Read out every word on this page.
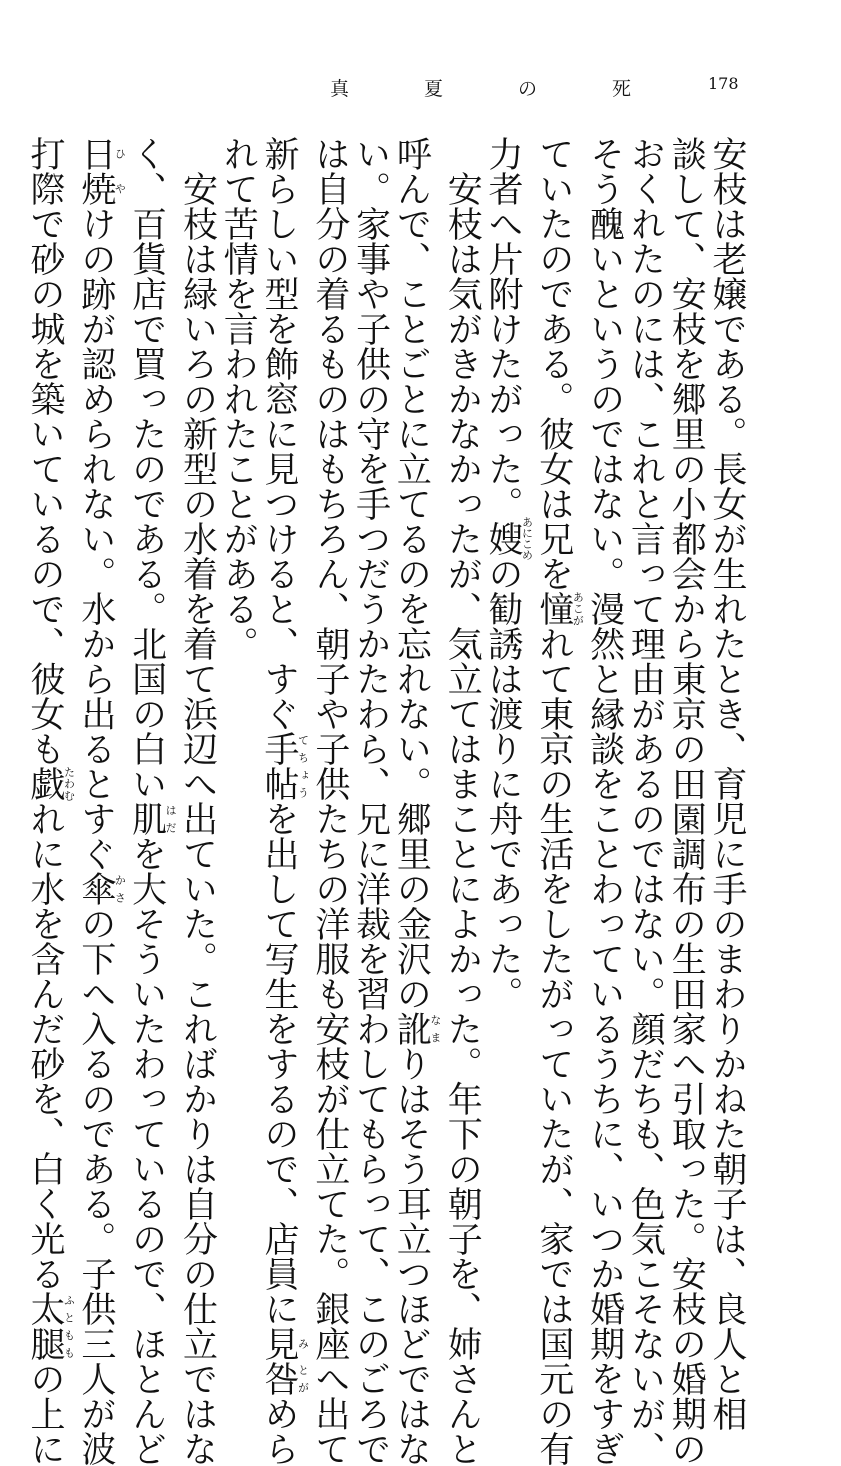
真　夏　の　死	178

安枝は老嬢である。長女が生れたとき、育児に手のまわりかねた朝子は、良人と相

談して、安枝を郷里の小都会から東京の田園調布の生田家へ引取った。安枝の婚期の

おくれたのには、これと言って理由があるのではない。顔だちも、色気こそないが、

そう醜いというのではない。漫然と縁談をことわっているうちに、いつか婚期をすぎ

ていたのである。彼女は兄を憧あこがれて東京の生活をしたがっていたが、家では国元の有

力者へ片附けたがった。嫂あにこめの勧誘は渡りに舟であった。

安枝は気がきかなかったが、気立てはまことによかった。年下の朝子を、姉さんと

呼んで、ことごとに立てるのを忘れない。郷里の金沢の訛なまりはそう耳立つほどではな

い。家事や子供の守を手つだうかたわら、兄に洋裁を習わしてもらって、このごろで

は自分の着るものはもちろん、朝子や子供たちの洋服も安枝が仕立てた。銀座へ出て

新らしい型を飾窓に見つけると、すぐ手帖てちょうを出して写生をするので、店員に見み咎とがめら

れて苦情を言われたことがある。

安枝は緑いろの新型の水着を着て浜辺へ出ていた。こればかりは自分の仕立ではな

く、百貨店で買ったのである。北国の白い肌はだを大そういたわっているので、ほとんど

日ひ焼やけの跡が認められない。水から出るとすぐ傘かさの下へ入るのである。子供三人が波

打際で砂の城を築いているので、彼女も戯たわむれに水を含んだ砂を、白く光る太腿ふとももの上に
